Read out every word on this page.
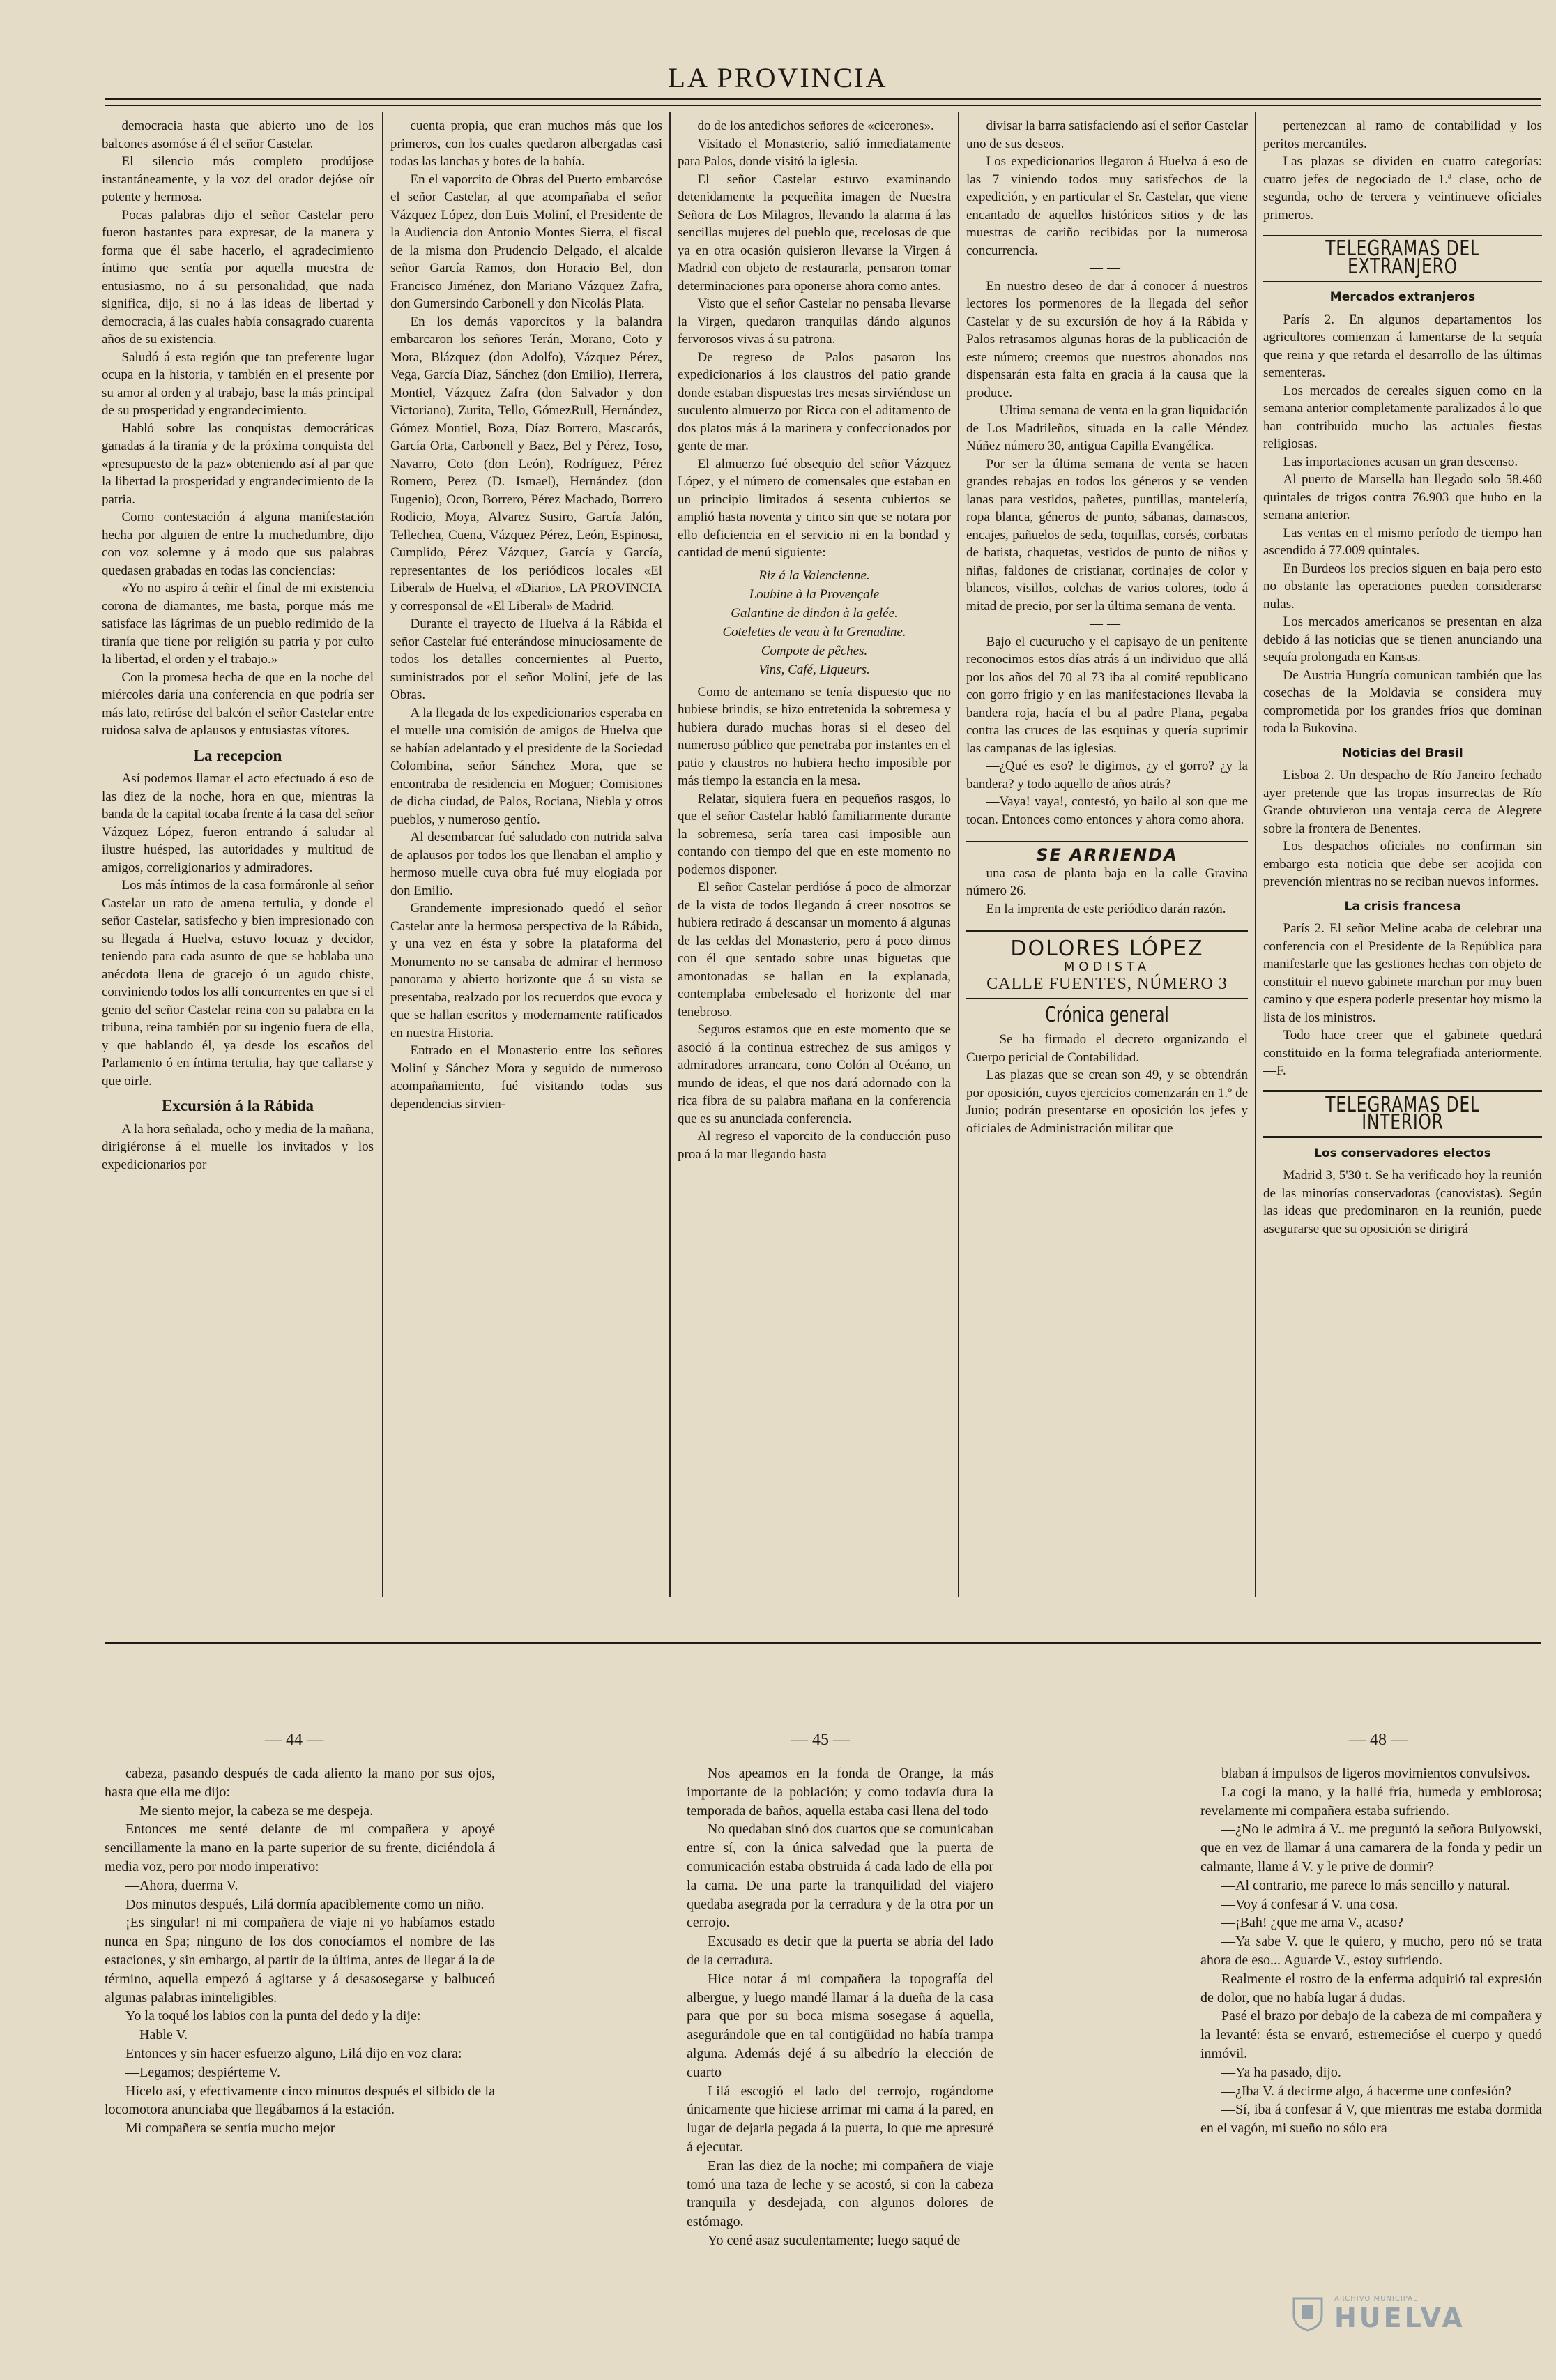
LA PROVINCIA

democracia hasta que abierto uno de los balcones asomóse á él el señor Castelar.

El silencio más completo prodújose instantáneamente, y la voz del orador dejóse oír potente y hermosa.

Pocas palabras dijo el señor Castelar pero fueron bastantes para expresar, de la manera y forma que él sabe hacerlo, el agradecimiento íntimo que sentía por aquella muestra de entusiasmo, no á su personalidad, que nada significa, dijo, si no á las ideas de libertad y democracia, á las cuales había consagrado cuarenta años de su existencia.

Saludó á esta región que tan preferente lugar ocupa en la historia, y también en el presente por su amor al orden y al trabajo, base la más principal de su prosperidad y engrandecimiento.

Habló sobre las conquistas democráticas ganadas á la tiranía y de la próxima conquista del «presupuesto de la paz» obteniendo así al par que la libertad la prosperidad y engrandecimiento de la patria.

Como contestación á alguna manifestación hecha por alguien de entre la muchedumbre, dijo con voz solemne y á modo que sus palabras quedasen grabadas en todas las conciencias:

«Yo no aspiro á ceñir el final de mi existencia corona de diamantes, me basta, porque más me satisface las lágrimas de un pueblo redimido de la tiranía que tiene por religión su patria y por culto la libertad, el orden y el trabajo.»

Con la promesa hecha de que en la noche del miércoles daría una conferencia en que podría ser más lato, retiróse del balcón el señor Castelar entre ruidosa salva de aplausos y entusiastas vítores.

La recepcion

Así podemos llamar el acto efectuado á eso de las diez de la noche, hora en que, mientras la banda de la capital tocaba frente á la casa del señor Vázquez López, fueron entrando á saludar al ilustre huésped, las autoridades y multitud de amigos, correligionarios y admiradores.

Los más íntimos de la casa formáronle al señor Castelar un rato de amena tertulia, y donde el señor Castelar, satisfecho y bien impresionado con su llegada á Huelva, estuvo locuaz y decidor, teniendo para cada asunto de que se hablaba una anécdota llena de gracejo ó un agudo chiste, conviniendo todos los allí concurrentes en que si el genio del señor Castelar reina con su palabra en la tribuna, reina también por su ingenio fuera de ella, y que hablando él, ya desde los escaños del Parlamento ó en íntima tertulia, hay que callarse y que oirle.

Excursión á la Rábida

A la hora señalada, ocho y media de la mañana, dirigiéronse á el muelle los invitados y los expedicionarios por

cuenta propia, que eran muchos más que los primeros, con los cuales quedaron albergadas casi todas las lanchas y botes de la bahía.

En el vaporcito de Obras del Puerto embarcóse el señor Castelar, al que acompañaba el señor Vázquez López, don Luis Moliní, el Presidente de la Audiencia don Antonio Montes Sierra, el fiscal de la misma don Prudencio Delgado, el alcalde señor García Ramos, don Horacio Bel, don Francisco Jiménez, don Mariano Vázquez Zafra, don Gumersindo Carbonell y don Nicolás Plata.

En los demás vaporcitos y la balandra embarcaron los señores Terán, Morano, Coto y Mora, Blázquez (don Adolfo), Vázquez Pérez, Vega, García Díaz, Sánchez (don Emilio), Herrera, Montiel, Vázquez Zafra (don Salvador y don Victoriano), Zurita, Tello, GómezRull, Hernández, Gómez Montiel, Boza, Díaz Borrero, Mascarós, García Orta, Carbonell y Baez, Bel y Pérez, Toso, Navarro, Coto (don León), Rodríguez, Pérez Romero, Perez (D. Ismael), Hernández (don Eugenio), Ocon, Borrero, Pérez Machado, Borrero Rodicio, Moya, Alvarez Susiro, García Jalón, Tellechea, Cuena, Vázquez Pérez, León, Espinosa, Cumplido, Pérez Vázquez, García y García, representantes de los periódicos locales «El Liberal» de Huelva, el «Diario», LA PROVINCIA y corresponsal de «El Liberal» de Madrid.

Durante el trayecto de Huelva á la Rábida el señor Castelar fué enterándose minuciosamente de todos los detalles concernientes al Puerto, suministrados por el señor Moliní, jefe de las Obras.

A la llegada de los expedicionarios esperaba en el muelle una comisión de amigos de Huelva que se habían adelantado y el presidente de la Sociedad Colombina, señor Sánchez Mora, que se encontraba de residencia en Moguer; Comisiones de dicha ciudad, de Palos, Rociana, Niebla y otros pueblos, y numeroso gentío.

Al desembarcar fué saludado con nutrida salva de aplausos por todos los que llenaban el amplio y hermoso muelle cuya obra fué muy elogiada por don Emilio.

Grandemente impresionado quedó el señor Castelar ante la hermosa perspectiva de la Rábida, y una vez en ésta y sobre la plataforma del Monumento no se cansaba de admirar el hermoso panorama y abierto horizonte que á su vista se presentaba, realzado por los recuerdos que evoca y que se hallan escritos y modernamente ratificados en nuestra Historia.

Entrado en el Monasterio entre los señores Moliní y Sánchez Mora y seguido de numeroso acompañamiento, fué visitando todas sus dependencias sirvien-

do de los antedichos señores de «cicerones».

Visitado el Monasterio, salió inmediatamente para Palos, donde visitó la iglesia.

El señor Castelar estuvo examinando detenidamente la pequeñita imagen de Nuestra Señora de Los Milagros, llevando la alarma á las sencillas mujeres del pueblo que, recelosas de que ya en otra ocasión quisieron llevarse la Virgen á Madrid con objeto de restaurarla, pensaron tomar determinaciones para oponerse ahora como antes.

Visto que el señor Castelar no pensaba llevarse la Virgen, quedaron tranquilas dándo algunos fervorosos vivas á su patrona.

De regreso de Palos pasaron los expedicionarios á los claustros del patio grande donde estaban dispuestas tres mesas sirviéndose un suculento almuerzo por Ricca con el aditamento de dos platos más á la marinera y confeccionados por gente de mar.

El almuerzo fué obsequio del señor Vázquez López, y el número de comensales que estaban en un principio limitados á sesenta cubiertos se amplió hasta noventa y cinco sin que se notara por ello deficiencia en el servicio ni en la bondad y cantidad de menú siguiente:

Riz á la Valencienne.
Loubine à la Provençale
Galantine de dindon à la gelée.
Cotelettes de veau à la Grenadine.
Compote de pêches.
Vins, Café, Liqueurs.

Como de antemano se tenía dispuesto que no hubiese brindis, se hizo entretenida la sobremesa y hubiera durado muchas horas si el deseo del numeroso público que penetraba por instantes en el patio y claustros no hubiera hecho imposible por más tiempo la estancia en la mesa.

Relatar, siquiera fuera en pequeños rasgos, lo que el señor Castelar habló familiarmente durante la sobremesa, sería tarea casi imposible aun contando con tiempo del que en este momento no podemos disponer.

El señor Castelar perdióse á poco de almorzar de la vista de todos llegando á creer nosotros se hubiera retirado á descansar un momento á algunas de las celdas del Monasterio, pero á poco dimos con él que sentado sobre unas biguetas que amontonadas se hallan en la explanada, contemplaba embelesado el horizonte del mar tenebroso.

Seguros estamos que en este momento que se asoció á la continua estrechez de sus amigos y admiradores arrancara, cono Colón al Océano, un mundo de ideas, el que nos dará adornado con la rica fibra de su palabra mañana en la conferencia que es su anunciada conferencia.

Al regreso el vaporcito de la conducción puso proa á la mar llegando hasta

divisar la barra satisfaciendo así el señor Castelar uno de sus deseos.

Los expedicionarios llegaron á Huelva á eso de las 7 viniendo todos muy satisfechos de la expedición, y en particular el Sr. Castelar, que viene encantado de aquellos históricos sitios y de las muestras de cariño recibidas por la numerosa concurrencia.

——

En nuestro deseo de dar á conocer á nuestros lectores los pormenores de la llegada del señor Castelar y de su excursión de hoy á la Rábida y Palos retrasamos algunas horas de la publicación de este número; creemos que nuestros abonados nos dispensarán esta falta en gracia á la causa que la produce.

—Ultima semana de venta en la gran liquidación de Los Madrileños, situada en la calle Méndez Núñez número 30, antigua Capilla Evangélica.

Por ser la última semana de venta se hacen grandes rebajas en todos los géneros y se venden lanas para vestidos, pañetes, puntillas, mantelería, ropa blanca, géneros de punto, sábanas, damascos, encajes, pañuelos de seda, toquillas, corsés, corbatas de batista, chaquetas, vestidos de punto de niños y niñas, faldones de cristianar, cortinajes de color y blancos, visillos, colchas de varios colores, todo á mitad de precio, por ser la última semana de venta.

——

Bajo el cucurucho y el capisayo de un penitente reconocimos estos días atrás á un individuo que allá por los años del 70 al 73 iba al comité republicano con gorro frigio y en las manifestaciones llevaba la bandera roja, hacía el bu al padre Plana, pegaba contra las cruces de las esquinas y quería suprimir las campanas de las iglesias.

—¿Qué es eso? le digimos, ¿y el gorro? ¿y la bandera? y todo aquello de años atrás?

—Vaya! vaya!, contestó, yo bailo al son que me tocan. Entonces como entonces y ahora como ahora.

SE ARRIENDA

una casa de planta baja en la calle Gravina número 26.

En la imprenta de este periódico darán razón.

DOLORES LÓPEZ
MODISTA
CALLE FUENTES, NÚMERO 3
Crónica general

—Se ha firmado el decreto organizando el Cuerpo pericial de Contabilidad.

Las plazas que se crean son 49, y se obtendrán por oposición, cuyos ejercicios comenzarán en 1.º de Junio; podrán presentarse en oposición los jefes y oficiales de Administración militar que

pertenezcan al ramo de contabilidad y los peritos mercantiles.

Las plazas se dividen en cuatro categorías: cuatro jefes de negociado de 1.ª clase, ocho de segunda, ocho de tercera y veintinueve oficiales primeros.

TELEGRAMAS DEL EXTRANJERO
Mercados extranjeros

París 2. En algunos departamentos los agricultores comienzan á lamentarse de la sequía que reina y que retarda el desarrollo de las últimas sementeras.

Los mercados de cereales siguen como en la semana anterior completamente paralizados á lo que han contribuido mucho las actuales fiestas religiosas.

Las importaciones acusan un gran descenso.

Al puerto de Marsella han llegado solo 58.460 quintales de trigos contra 76.903 que hubo en la semana anterior.

Las ventas en el mismo período de tiempo han ascendido á 77.009 quintales.

En Burdeos los precios siguen en baja pero esto no obstante las operaciones pueden considerarse nulas.

Los mercados americanos se presentan en alza debido á las noticias que se tienen anunciando una sequía prolongada en Kansas.

De Austria Hungría comunican también que las cosechas de la Moldavia se considera muy comprometida por los grandes fríos que dominan toda la Bukovina.

Noticias del Brasil

Lisboa 2. Un despacho de Río Janeiro fechado ayer pretende que las tropas insurrectas de Río Grande obtuvieron una ventaja cerca de Alegrete sobre la frontera de Benentes.

Los despachos oficiales no confirman sin embargo esta noticia que debe ser acojida con prevención mientras no se reciban nuevos informes.

La crisis francesa

París 2. El señor Meline acaba de celebrar una conferencia con el Presidente de la República para manifestarle que las gestiones hechas con objeto de constituir el nuevo gabinete marchan por muy buen camino y que espera poderle presentar hoy mismo la lista de los ministros.

Todo hace creer que el gabinete quedará constituido en la forma telegrafiada anteriormente.—F.

TELEGRAMAS DEL INTERIOR
Los conservadores electos

Madrid 3, 5'30 t. Se ha verificado hoy la reunión de las minorías conservadoras (canovistas). Según las ideas que predominaron en la reunión, puede asegurarse que su oposición se dirigirá

— 44 —	— 45 —	— 48 —

cabeza, pasando después de cada aliento la mano por sus ojos, hasta que ella me dijo:

—Me siento mejor, la cabeza se me despeja.

Entonces me senté delante de mi compañera y apoyé sencillamente la mano en la parte superior de su frente, diciéndola á media voz, pero por modo imperativo:

—Ahora, duerma V.

Dos minutos después, Lilá dormía apaciblemente como un niño.

¡Es singular! ni mi compañera de viaje ni yo habíamos estado nunca en Spa; ninguno de los dos conocíamos el nombre de las estaciones, y sin embargo, al partir de la última, antes de llegar á la de término, aquella empezó á agitarse y á desasosegarse y balbuceó algunas palabras ininteligibles.

Yo la toqué los labios con la punta del dedo y la dije:

—Hable V.

Entonces y sin hacer esfuerzo alguno, Lilá dijo en voz clara:

—Legamos; despiérteme V.

Hícelo así, y efectivamente cinco minutos después el silbido de la locomotora anunciaba que llegábamos á la estación.

Mi compañera se sentía mucho mejor

Nos apeamos en la fonda de Orange, la más importante de la población; y como todavía dura la temporada de baños, aquella estaba casi llena del todo

No quedaban sinó dos cuartos que se comunicaban entre sí, con la única salvedad que la puerta de comunicación estaba obstruida á cada lado de ella por la cama. De una parte la tranquilidad del viajero quedaba asegrada por la cerradura y de la otra por un cerrojo.

Excusado es decir que la puerta se abría del lado de la cerradura.

Hice notar á mi compañera la topografía del albergue, y luego mandé llamar á la dueña de la casa para que por su boca misma sosegase á aquella, asegurándole que en tal contigüidad no había trampa alguna. Además dejé á su albedrío la elección de cuarto

Lilá escogió el lado del cerrojo, rogándome únicamente que hiciese arrimar mi cama á la pared, en lugar de dejarla pegada á la puerta, lo que me apresuré á ejecutar.

Eran las diez de la noche; mi compañera de viaje tomó una taza de leche y se acostó, si con la cabeza tranquila y desdejada, con algunos dolores de estómago.

Yo cené asaz suculentamente; luego saqué de

blaban á impulsos de ligeros movimientos convulsivos.

La cogí la mano, y la hallé fría, humeda y emblorosa; revelamente mi compañera estaba sufriendo.

—¿No le admira á V.. me preguntó la señora Bulyowski, que en vez de llamar á una camarera de la fonda y pedir un calmante, llame á V. y le prive de dormir?

—Al contrario, me parece lo más sencillo y natural.

—Voy á confesar á V. una cosa.

—¡Bah! ¿que me ama V., acaso?

—Ya sabe V. que le quiero, y mucho, pero nó se trata ahora de eso... Aguarde V., estoy sufriendo.

Realmente el rostro de la enferma adquirió tal expresión de dolor, que no había lugar á dudas.

Pasé el brazo por debajo de la cabeza de mi compañera y la levanté: ésta se envaró, estremecióse el cuerpo y quedó inmóvil.

—Ya ha pasado, dijo.

—¿Iba V. á decirme algo, á hacerme une confesión?

—Sí, iba á confesar á V, que mientras me estaba dormida en el vagón, mi sueño no sólo era

ARCHIVO MUNICIPAL
HUELVA
